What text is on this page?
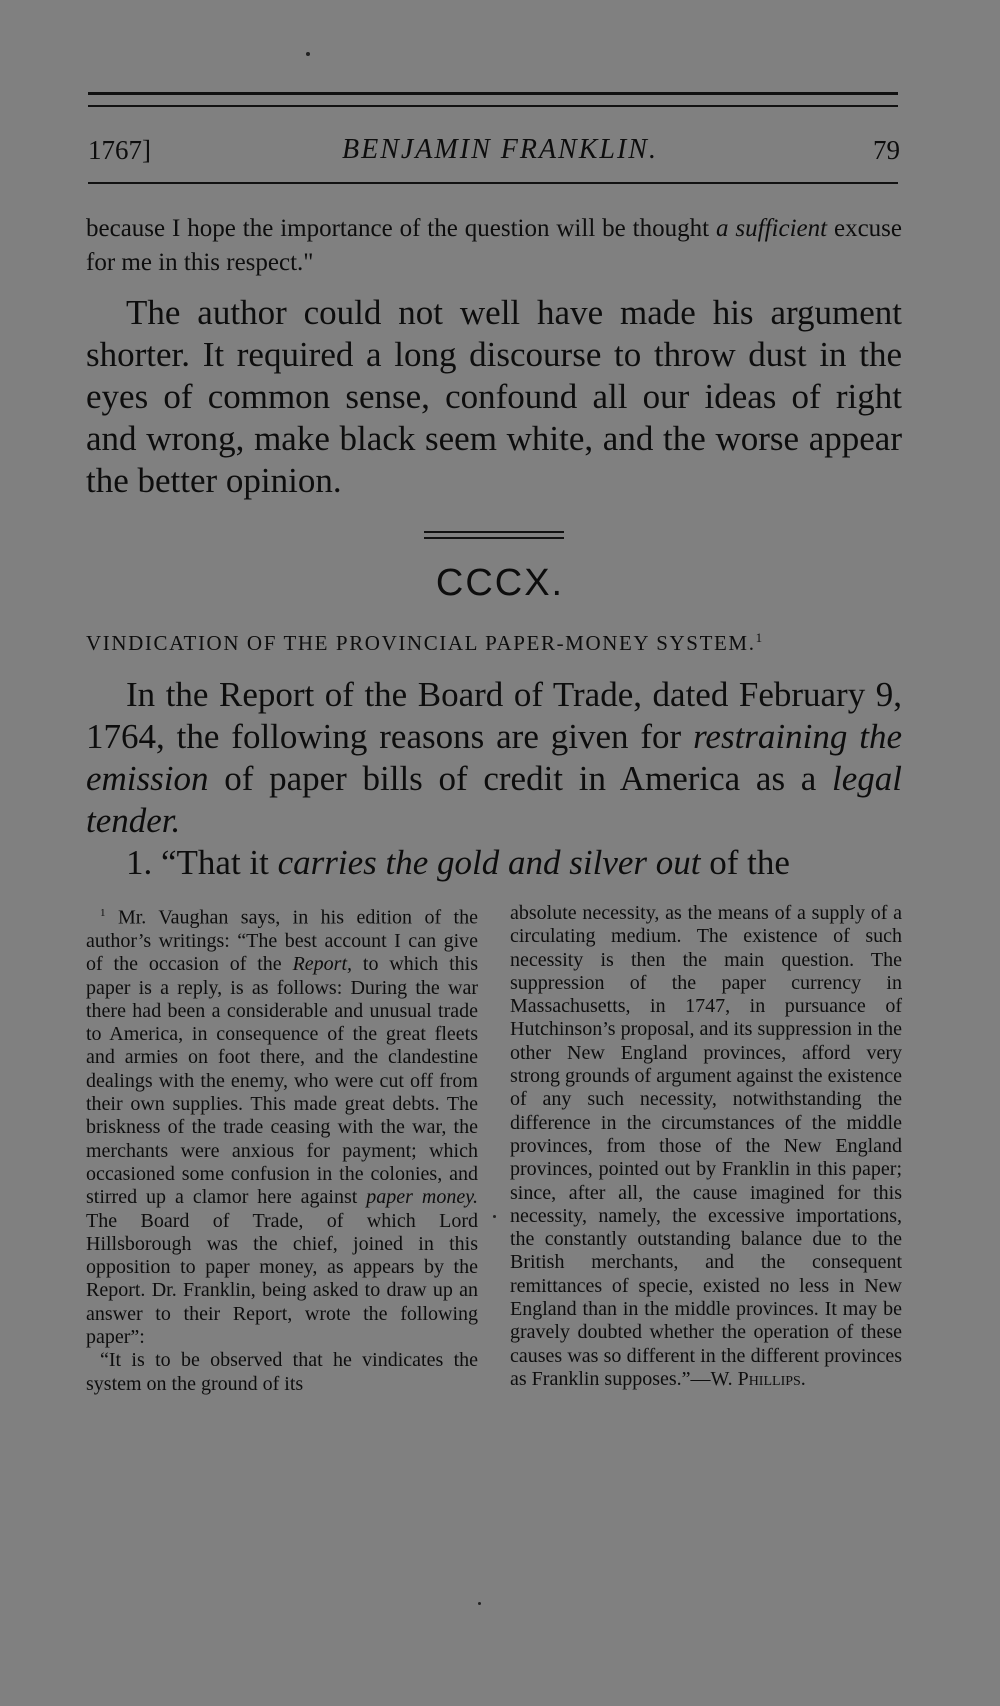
1767]	BENJAMIN FRANKLIN.	79

because I hope the importance of the question will be thought a sufficient excuse for me in this respect."

The author could not well have made his argument shorter. It required a long discourse to throw dust in the eyes of common sense, confound all our ideas of right and wrong, make black seem white, and the worse appear the better opinion.

CCCX.
VINDICATION OF THE PROVINCIAL PAPER-MONEY SYSTEM.$^1$

In the Report of the Board of Trade, dated February 9, 1764, the following reasons are given for restraining the emission of paper bills of credit in America as a legal tender.

1. “That it carries the gold and silver out of the

$^1$ Mr. Vaughan says, in his edition of the author’s writings: “The best account I can give of the occasion of the Report, to which this paper is a reply, is as follows: During the war there had been a considerable and unusual trade to America, in consequence of the great fleets and armies on foot there, and the clandestine dealings with the enemy, who were cut off from their own supplies. This made great debts. The briskness of the trade ceasing with the war, the merchants were anxious for payment; which occasioned some confusion in the colonies, and stirred up a clamor here against paper money. The Board of Trade, of which Lord Hillsborough was the chief, joined in this opposition to paper money, as appears by the Report. Dr. Franklin, being asked to draw up an answer to their Report, wrote the following paper”:

“It is to be observed that he vindicates the system on the ground of its

absolute necessity, as the means of a supply of a circulating medium. The existence of such necessity is then the main question. The suppression of the paper currency in Massachusetts, in 1747, in pursuance of Hutchinson’s proposal, and its suppression in the other New England provinces, afford very strong grounds of argument against the existence of any such necessity, notwithstanding the difference in the circumstances of the middle provinces, from those of the New England provinces, pointed out by Franklin in this paper; since, after all, the cause imagined for this necessity, namely, the excessive importations, the constantly outstanding balance due to the British merchants, and the consequent remittances of specie, existed no less in New England than in the middle provinces. It may be gravely doubted whether the operation of these causes was so different in the different provinces as Franklin supposes.”—W. Phillips.
